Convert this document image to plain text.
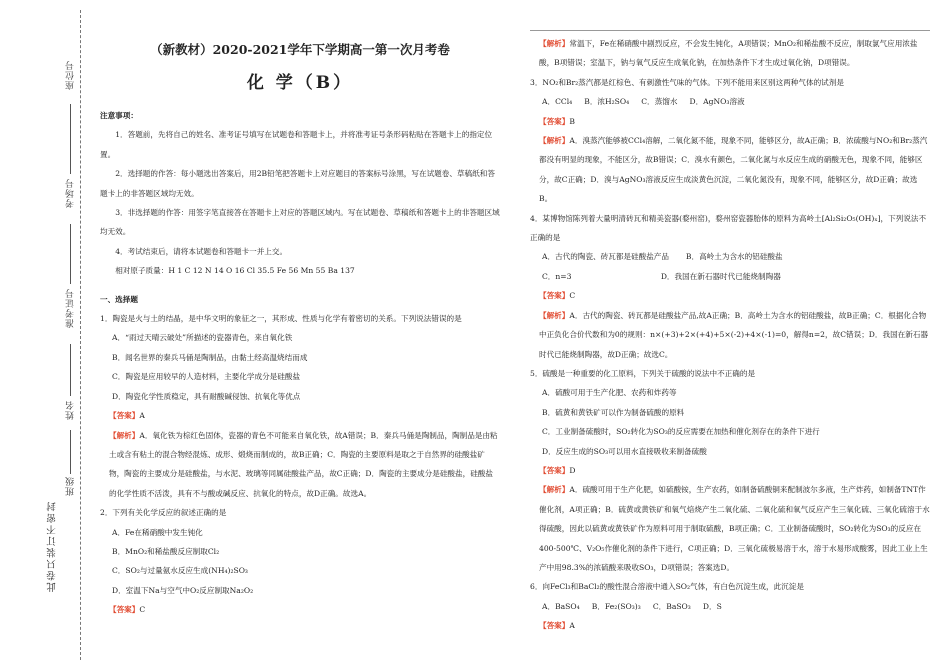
座位号
考场号
准考证号
姓名
班级
此卷只装订不密封
（新教材）2020-2021学年下学期高一第一次月考卷
化 学（B）
注意事项：
1．答题前，先将自己的姓名、准考证号填写在试题卷和答题卡上，并将准考证号条形码粘贴在答题卡上的指定位置。
2．选择题的作答：每小题选出答案后，用2B铅笔把答题卡上对应题目的答案标号涂黑，写在试题卷、草稿纸和答题卡上的非答题区域均无效。
3．非选择题的作答：用签字笔直接答在答题卡上对应的答题区域内。写在试题卷、草稿纸和答题卡上的非答题区域均无效。
4．考试结束后，请将本试题卷和答题卡一并上交。
相对原子质量：H 1 C 12 N 14 O 16 Cl 35.5 Fe 56 Mn 55 Ba 137
一、选择题
1．陶瓷是火与土的结晶，是中华文明的象征之一，其形成、性质与化学有着密切的关系。下列说法错误的是
A．“雨过天晴云破处”所描述的瓷器青色，来自氧化铁
B．闻名世界的秦兵马俑是陶制品，由黏土经高温烧结而成
C．陶瓷是应用较早的人造材料，主要化学成分是硅酸盐
D．陶瓷化学性质稳定，具有耐酸碱侵蚀、抗氧化等优点
【答案】A
【解析】A．氧化铁为棕红色固体，瓷器的青色不可能来自氧化铁，故A错误；B．秦兵马俑是陶制品，陶制品是由粘土或含有粘土的混合物经混炼、成形、煅烧而制成的，故B正确；C．陶瓷的主要原料是取之于自然界的硅酸盐矿物，陶瓷的主要成分是硅酸盐，与水泥、玻璃等同属硅酸盐产品，故C正确；D．陶瓷的主要成分是硅酸盐，硅酸盐的化学性质不活泼，具有不与酸或碱反应、抗氧化的特点，故D正确。故选A。
2．下列有关化学反应的叙述正确的是
A．Fe在稀硝酸中发生钝化
B．MnO₂和稀盐酸反应制取Cl₂
C．SO₂与过量氨水反应生成(NH₄)₂SO₃
D．室温下Na与空气中O₂反应制取Na₂O₂
【答案】C
【解析】常温下，Fe在稀硝酸中剧烈反应，不会发生钝化，A项错误；MnO₂和稀盐酸不反应，制取氯气应用浓盐酸，B项错误；室温下，钠与氧气反应生成氧化钠，在加热条件下才生成过氧化钠，D项错误。
3．NO₂和Br₂蒸汽都是红棕色、有刺激性气味的气体。下列不能用来区别这两种气体的试剂是
A．CCl₄ B．浓H₂SO₄ C．蒸馏水 D．AgNO₃溶液
【答案】B
【解析】A．溴蒸汽能够被CCl₄溶解，二氧化氮不能，现象不同，能够区分，故A正确；B．浓硫酸与NO₂和Br₂蒸汽都没有明显的现象，不能区分，故B错误；C．溴水有颜色，二氧化氮与水反应生成的硝酸无色，现象不同，能够区分，故C正确；D．溴与AgNO₃溶液反应生成淡黄色沉淀，二氧化氮没有，现象不同，能够区分，故D正确；故选B。
4．某博物馆陈列着大量明清砖瓦和精美瓷器(婺州窑)，婺州窑瓷器胎体的原料为高岭土[Al₂Si₂O₅(OH)ₓ]，下列说法不正确的是
A．古代的陶瓷、砖瓦都是硅酸盐产品 B．高岭土为含水的铝硅酸盐
C．n=3	D．我国在新石器时代已能烧制陶器
【答案】C
【解析】A．古代的陶瓷、砖瓦都是硅酸盐产品,故A正确；B．高岭土为含水的铝硅酸盐，故B正确；C．根据化合物中正负化合价代数和为0的规则：n×(+3)+2×(+4)+5×(-2)+4×(-1)=0，解得n=2，故C错误；D．我国在新石器时代已能烧制陶器，故D正确；故选C。
5．硫酸是一种重要的化工原料，下列关于硫酸的说法中不正确的是
A．硫酸可用于生产化肥、农药和炸药等
B．硫黄和黄铁矿可以作为制备硫酸的原料
C．工业制备硫酸时，SO₂转化为SO₃的反应需要在加热和催化剂存在的条件下进行
D．反应生成的SO₃可以用水直接吸收来制备硫酸
【答案】D
【解析】A．硫酸可用于生产化肥，如硫酸铵，生产农药，如制备硫酸铜来配制波尔多液，生产炸药，如制备TNT作催化剂，A项正确；B．硫黄或黄铁矿和氧气焙烧产生二氧化硫、二氧化硫和氧气反应产生三氧化硫、三氧化硫溶于水得硫酸，因此以硫黄或黄铁矿作为原料可用于制取硫酸，B项正确；C．工业制备硫酸时，SO₂转化为SO₃的反应在400-500℃、V₂O₅作催化剂的条件下进行，C项正确；D．三氧化硫极易溶于水，溶于水易形成酸雾，因此工业上生产中用98.3%的浓硫酸来吸收SO₃，D项错误；答案选D。
6．向FeCl₃和BaCl₂的酸性混合溶液中通入SO₂气体，有白色沉淀生成，此沉淀是
A．BaSO₄ B．Fe₂(SO₃)₃ C．BaSO₃ D．S
【答案】A
